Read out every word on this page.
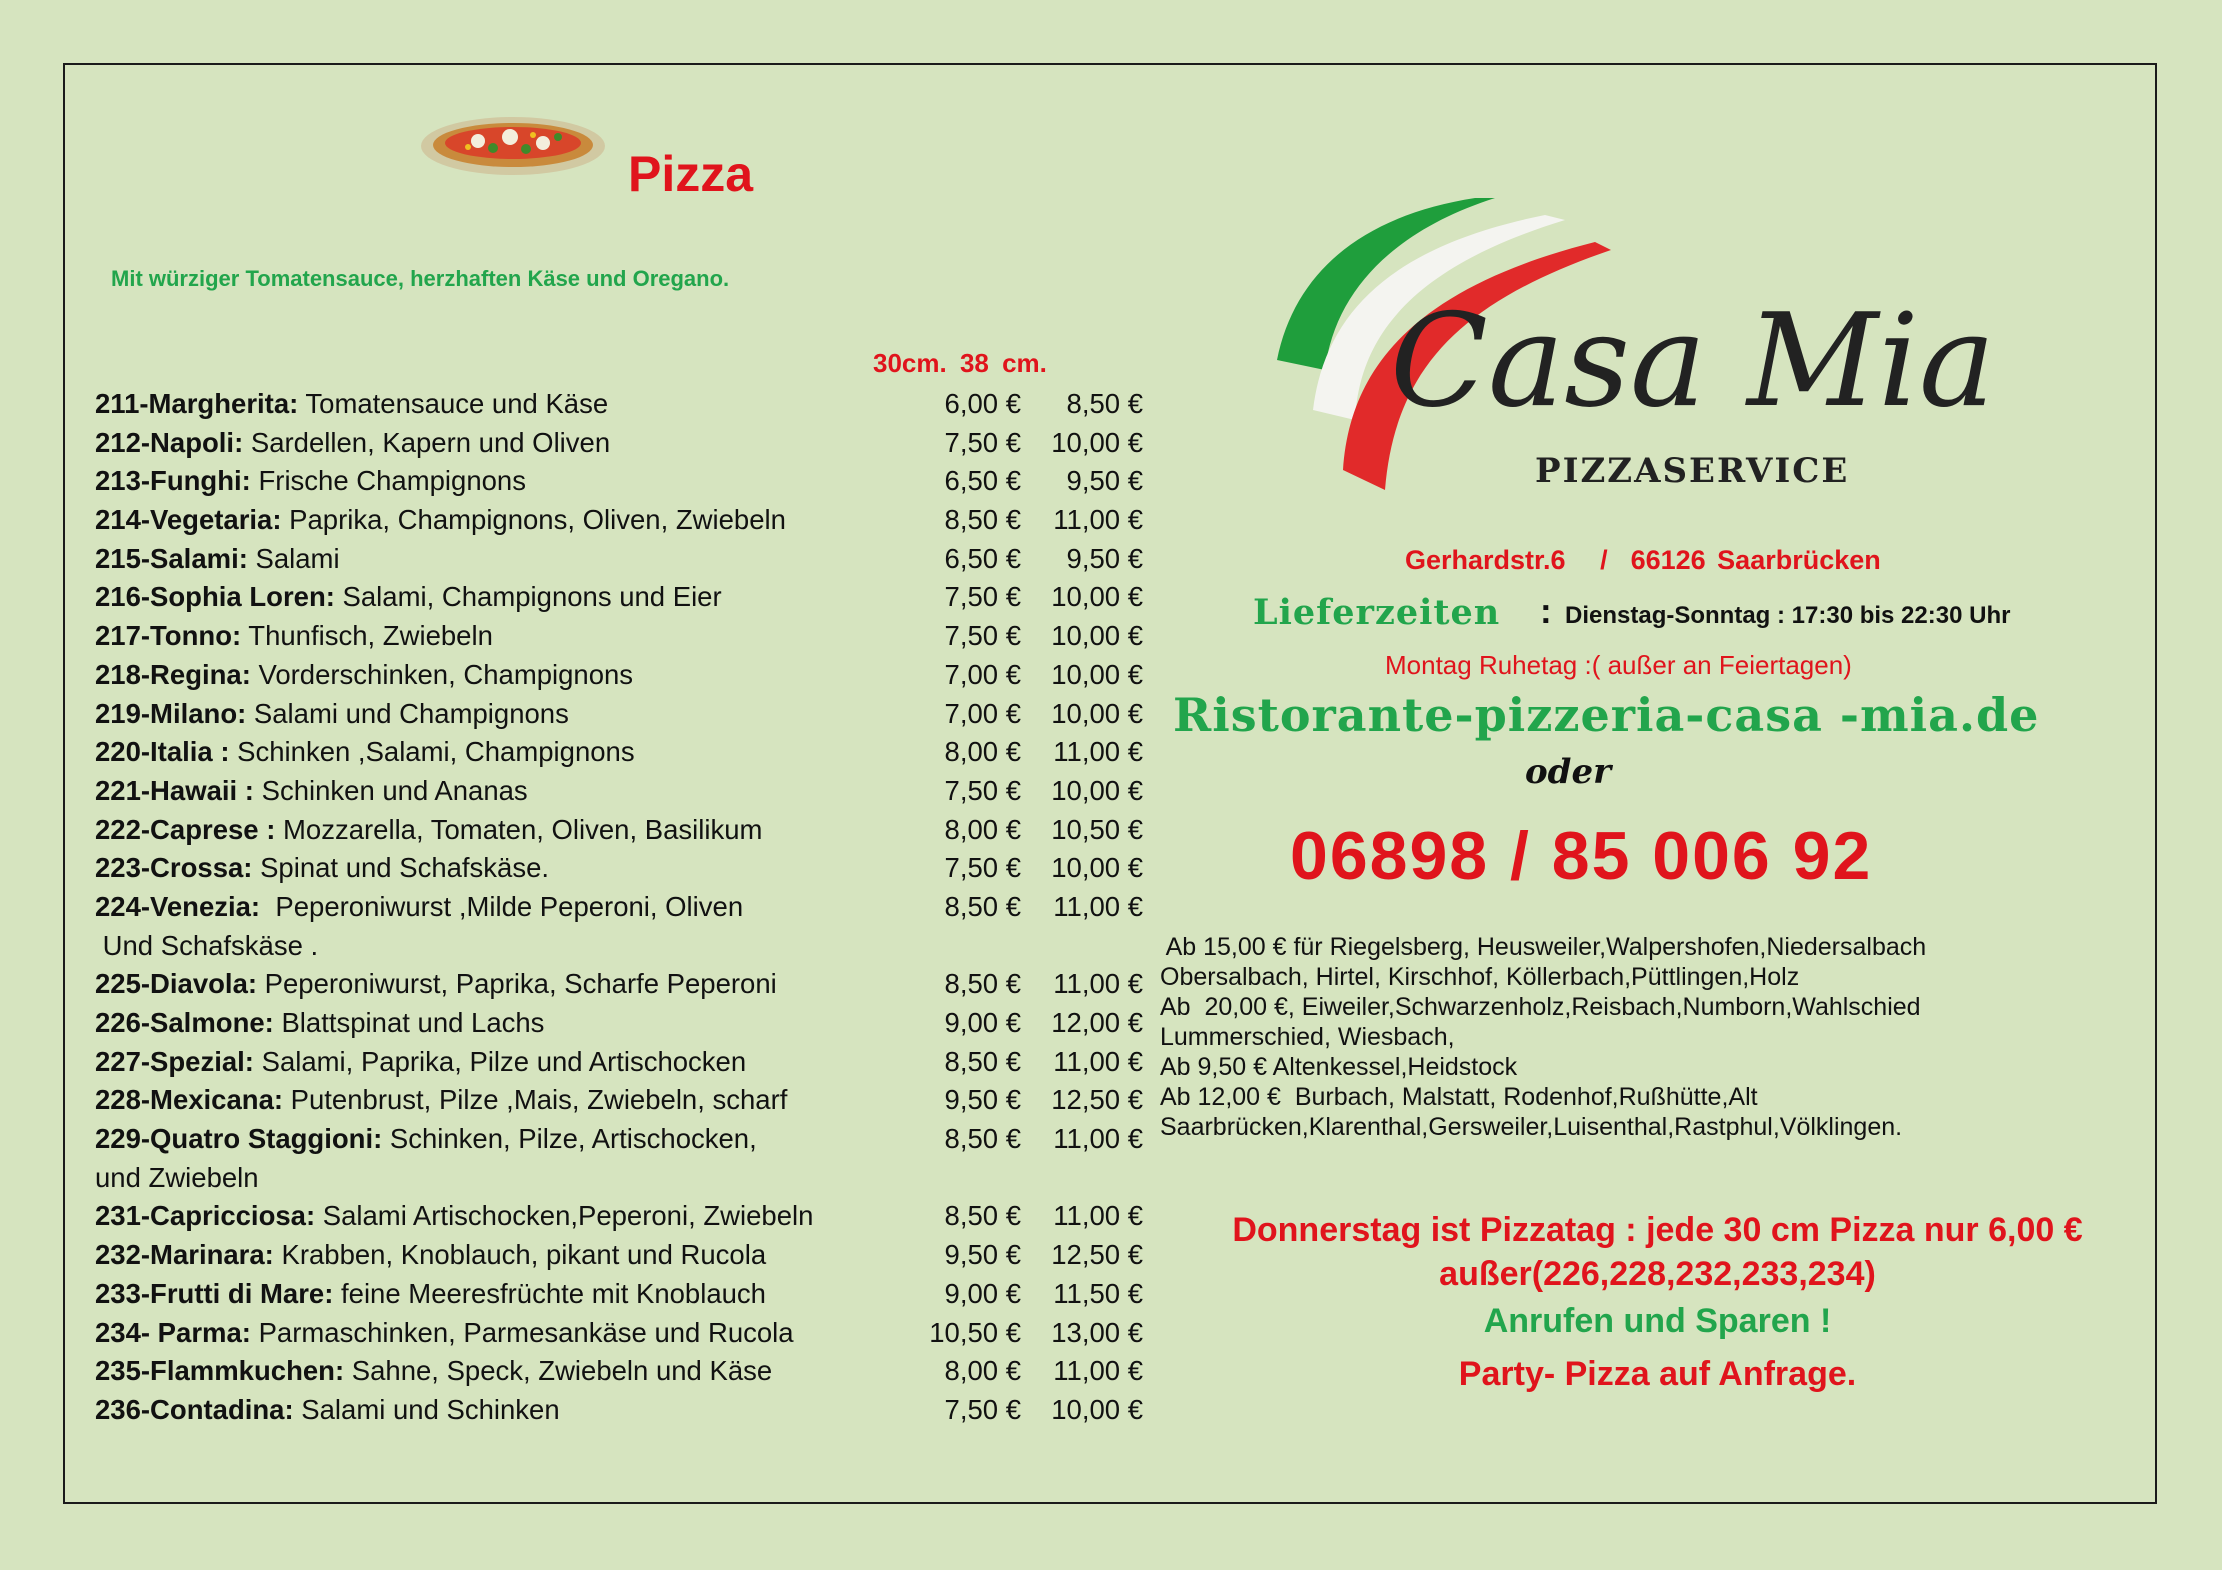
Pizza
Mit würziger Tomatensauce, herzhaften Käse und Oregano.
30cm. 38 cm.
211-Margherita: Tomatensauce und Käse	6,00 €	8,50 €
212-Napoli: Sardellen, Kapern und Oliven	7,50 €	10,00 €
213-Funghi: Frische Champignons	6,50 €	9,50 €
214-Vegetaria: Paprika, Champignons, Oliven, Zwiebeln	8,50 €	11,00 €
215-Salami: Salami	6,50 €	9,50 €
216-Sophia Loren: Salami, Champignons und Eier	7,50 €	10,00 €
217-Tonno: Thunfisch, Zwiebeln	7,50 €	10,00 €
218-Regina: Vorderschinken, Champignons	7,00 €	10,00 €
219-Milano: Salami und Champignons	7,00 €	10,00 €
220-Italia : Schinken ,Salami, Champignons	8,00 €	11,00 €
221-Hawaii : Schinken und Ananas	7,50 €	10,00 €
222-Caprese : Mozzarella, Tomaten, Oliven, Basilikum	8,00 €	10,50 €
223-Crossa: Spinat und Schafskäse.	7,50 €	10,00 €
224-Venezia:  Peperoniwurst ,Milde Peperoni, Oliven	8,50 €	11,00 €
Und Schafskäse .
225-Diavola: Peperoniwurst, Paprika, Scharfe Peperoni	8,50 €	11,00 €
226-Salmone: Blattspinat und Lachs	9,00 €	12,00 €
227-Spezial: Salami, Paprika, Pilze und Artischocken	8,50 €	11,00 €
228-Mexicana: Putenbrust, Pilze ,Mais, Zwiebeln, scharf	9,50 €	12,50 €
229-Quatro Staggioni: Schinken, Pilze, Artischocken,	8,50 €	11,00 €
und Zwiebeln
231-Capricciosa: Salami Artischocken,Peperoni, Zwiebeln	8,50 €	11,00 €
232-Marinara: Krabben, Knoblauch, pikant und Rucola	9,50 €	12,50 €
233-Frutti di Mare: feine Meeresfrüchte mit Knoblauch	9,00 €	11,50 €
234- Parma: Parmaschinken, Parmesankäse und Rucola	10,50 €	13,00 €
235-Flammkuchen: Sahne, Speck, Zwiebeln und Käse	8,00 €	11,00 €
236-Contadina: Salami und Schinken	7,50 €	10,00 €
Casa Mia
PIZZASERVICE
Gerhardstr.6   /  66126 Saarbrücken
Lieferzeiten : Dienstag-Sonntag : 17:30 bis 22:30 Uhr
Montag Ruhetag :( außer an Feiertagen)
Ristorante-pizzeria-casa -mia.de
oder
06898 / 85 006 92
Ab 15,00 € für Riegelsberg, Heusweiler,Walpershofen,Niedersalbach
Obersalbach, Hirtel, Kirschhof, Köllerbach,Püttlingen,Holz
Ab  20,00 €, Eiweiler,Schwarzenholz,Reisbach,Numborn,Wahlschied
Lummerschied, Wiesbach,
Ab 9,50 € Altenkessel,Heidstock
Ab 12,00 €  Burbach, Malstatt, Rodenhof,Rußhütte,Alt
Saarbrücken,Klarenthal,Gersweiler,Luisenthal,Rastphul,Völklingen.
Donnerstag ist Pizzatag : jede 30 cm Pizza nur 6,00 €
außer(226,228,232,233,234)
Anrufen und Sparen !
Party- Pizza auf Anfrage.
